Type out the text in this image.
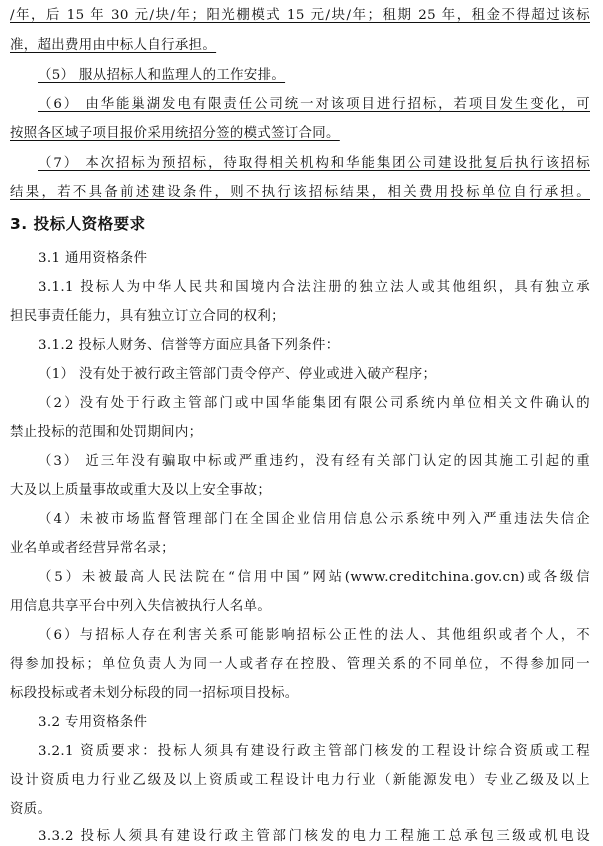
/年，后 15 年 30 元/块/年；阳光棚模式 15 元/块/年；租期 25 年，租金不得超过该标
准，超出费用由中标人自行承担。
（5） 服从招标人和监理人的工作安排。
（6） 由华能巢湖发电有限责任公司统一对该项目进行招标，若项目发生变化，可
按照各区域子项目报价采用统招分签的模式签订合同。
（7） 本次招标为预招标，待取得相关机构和华能集团公司建设批复后执行该招标
结果，若不具备前述建设条件，则不执行该招标结果，相关费用投标单位自行承担。
3. 投标人资格要求
3.1 通用资格条件
3.1.1 投标人为中华人民共和国境内合法注册的独立法人或其他组织，具有独立承
担民事责任能力，具有独立订立合同的权利；
3.1.2 投标人财务、信誉等方面应具备下列条件：
（1） 没有处于被行政主管部门责令停产、停业或进入破产程序；
（2）没有处于行政主管部门或中国华能集团有限公司系统内单位相关文件确认的
禁止投标的范围和处罚期间内；
（3） 近三年没有骗取中标或严重违约，没有经有关部门认定的因其施工引起的重
大及以上质量事故或重大及以上安全事故；
（4）未被市场监督管理部门在全国企业信用信息公示系统中列入严重违法失信企
业名单或者经营异常名录；
（5）未被最高人民法院在“信用中国”网站(www.creditchina.gov.cn)或各级信
用信息共享平台中列入失信被执行人名单。
（6）与招标人存在利害关系可能影响招标公正性的法人、其他组织或者个人，不
得参加投标；单位负责人为同一人或者存在控股、管理关系的不同单位，不得参加同一
标段投标或者未划分标段的同一招标项目投标。
3.2 专用资格条件
3.2.1 资质要求：投标人须具有建设行政主管部门核发的工程设计综合资质或工程
设计资质电力行业乙级及以上资质或工程设计电力行业（新能源发电）专业乙级及以上
资质。
3.3.2 投标人须具有建设行政主管部门核发的电力工程施工总承包三级或机电设
